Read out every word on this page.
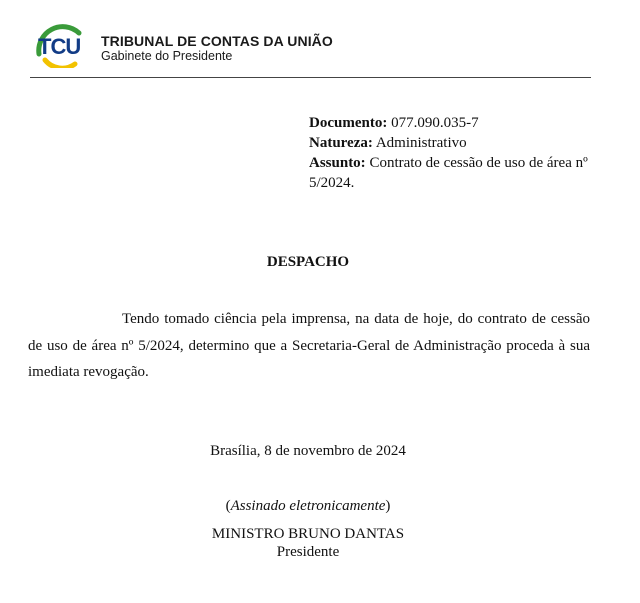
TCU TRIBUNAL DE CONTAS DA UNIÃO
Gabinete do Presidente
Documento: 077.090.035-7
Natureza: Administrativo
Assunto: Contrato de cessão de uso de área nº 5/2024.
DESPACHO
Tendo tomado ciência pela imprensa, na data de hoje, do contrato de cessão de uso de área nº 5/2024, determino que a Secretaria-Geral de Administração proceda à sua imediata revogação.
Brasília, 8 de novembro de 2024
(Assinado eletronicamente)
MINISTRO BRUNO DANTAS
Presidente
